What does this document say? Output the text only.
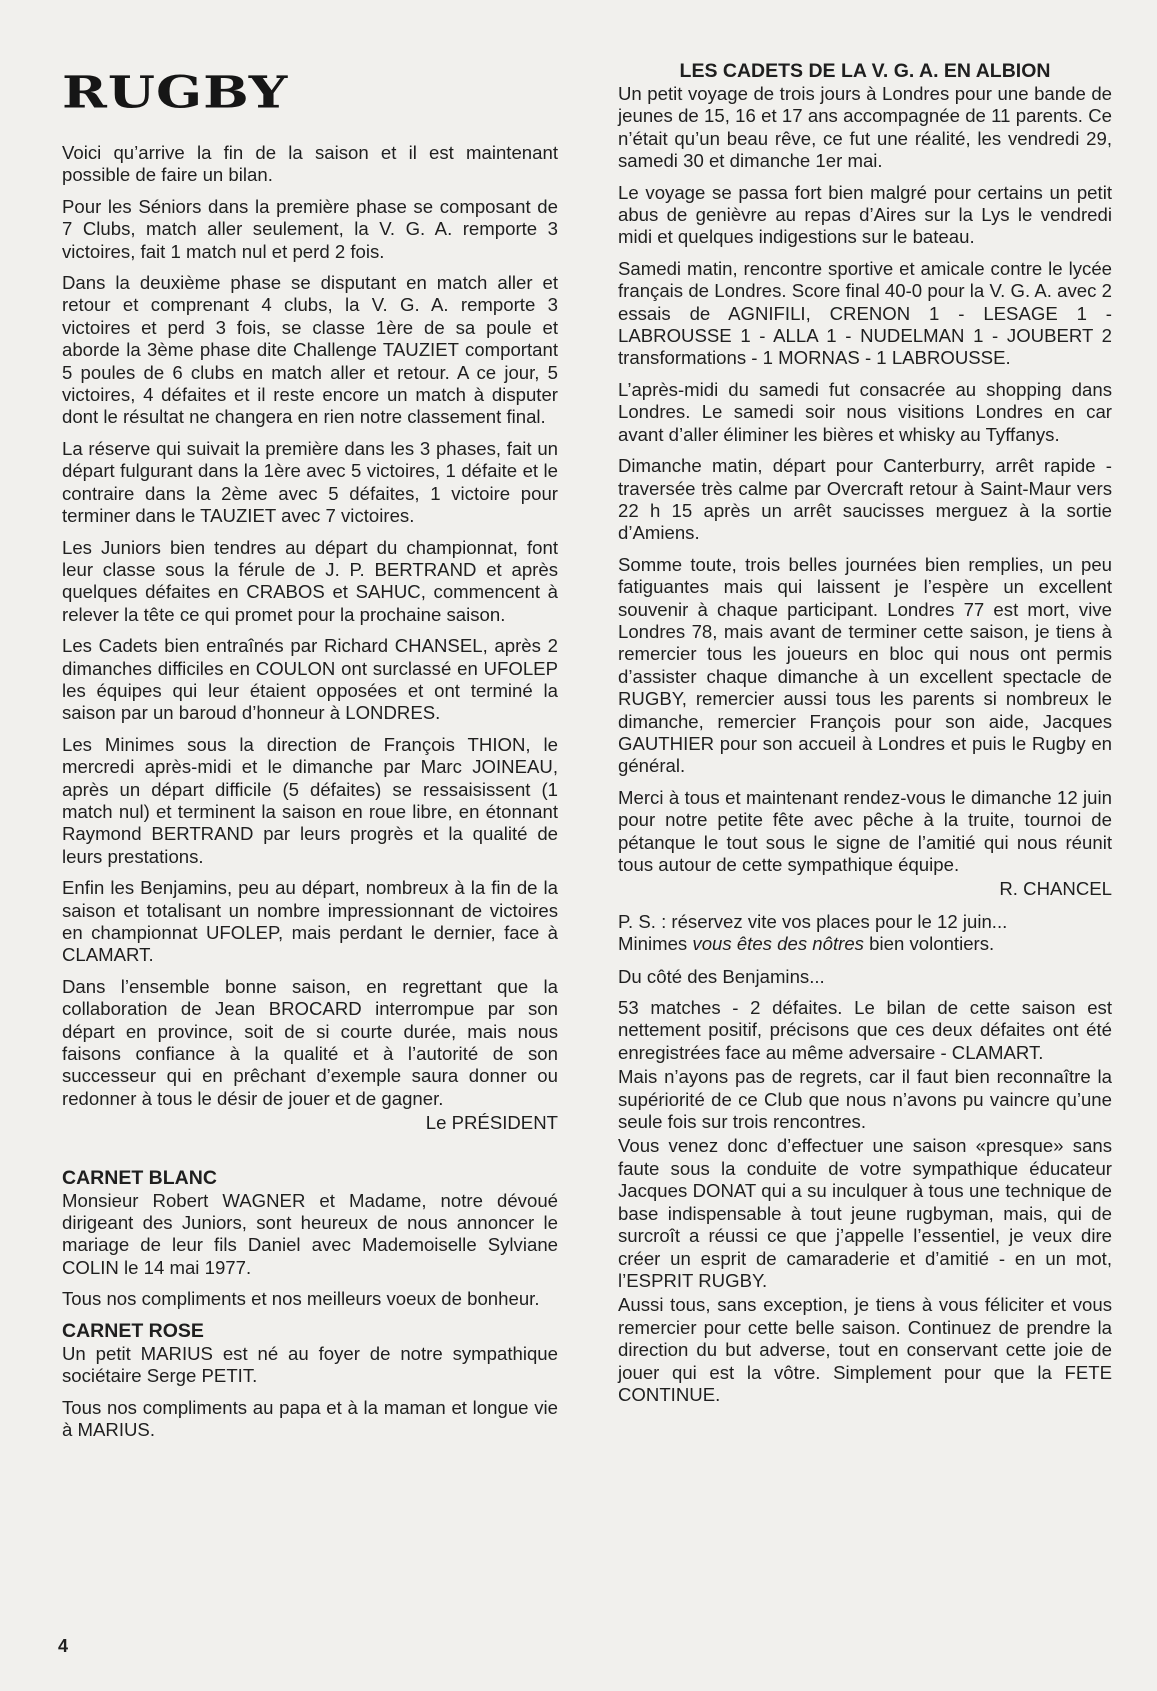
RUGBY

Voici qu’arrive la fin de la saison et il est maintenant possible de faire un bilan.

Pour les Séniors dans la première phase se composant de 7 Clubs, match aller seulement, la V. G. A. remporte 3 victoires, fait 1 match nul et perd 2 fois.

Dans la deuxième phase se disputant en match aller et retour et comprenant 4 clubs, la V. G. A. remporte 3 victoires et perd 3 fois, se classe 1ère de sa poule et aborde la 3ème phase dite Challenge TAUZIET comportant 5 poules de 6 clubs en match aller et retour. A ce jour, 5 victoires, 4 défaites et il reste encore un match à disputer dont le résultat ne changera en rien notre classement final.

La réserve qui suivait la première dans les 3 phases, fait un départ fulgurant dans la 1ère avec 5 victoires, 1 défaite et le contraire dans la 2ème avec 5 défaites, 1 victoire pour terminer dans le TAUZIET avec 7 victoires.

Les Juniors bien tendres au départ du championnat, font leur classe sous la férule de J. P. BERTRAND et après quelques défaites en CRABOS et SAHUC, commencent à relever la tête ce qui promet pour la prochaine saison.

Les Cadets bien entraînés par Richard CHANSEL, après 2 dimanches difficiles en COULON ont surclassé en UFOLEP les équipes qui leur étaient opposées et ont terminé la saison par un baroud d’honneur à LONDRES.

Les Minimes sous la direction de François THION, le mercredi après-midi et le dimanche par Marc JOINEAU, après un départ difficile (5 défaites) se ressaisissent (1 match nul) et terminent la saison en roue libre, en étonnant Raymond BERTRAND par leurs progrès et la qualité de leurs prestations.

Enfin les Benjamins, peu au départ, nombreux à la fin de la saison et totalisant un nombre impressionnant de victoires en championnat UFOLEP, mais perdant le dernier, face à CLAMART.

Dans l’ensemble bonne saison, en regrettant que la collaboration de Jean BROCARD interrompue par son départ en province, soit de si courte durée, mais nous faisons confiance à la qualité et à l’autorité de son successeur qui en prêchant d’exemple saura donner ou redonner à tous le désir de jouer et de gagner.

Le PRÉSIDENT
CARNET BLANC

Monsieur Robert WAGNER et Madame, notre dévoué dirigeant des Juniors, sont heureux de nous annoncer le mariage de leur fils Daniel avec Mademoiselle Sylviane COLIN le 14 mai 1977.

Tous nos compliments et nos meilleurs voeux de bonheur.

CARNET ROSE

Un petit MARIUS est né au foyer de notre sympathique sociétaire Serge PETIT.

Tous nos compliments au papa et à la maman et longue vie à MARIUS.

LES CADETS DE LA V. G. A. EN ALBION

Un petit voyage de trois jours à Londres pour une bande de jeunes de 15, 16 et 17 ans accompagnée de 11 parents. Ce n’était qu’un beau rêve, ce fut une réalité, les vendredi 29, samedi 30 et dimanche 1er mai.

Le voyage se passa fort bien malgré pour certains un petit abus de genièvre au repas d’Aires sur la Lys le vendredi midi et quelques indigestions sur le bateau.

Samedi matin, rencontre sportive et amicale contre le lycée français de Londres. Score final 40-0 pour la V. G. A. avec 2 essais de AGNIFILI, CRENON 1 - LESAGE 1 - LABROUSSE 1 - ALLA 1 - NUDELMAN 1 - JOUBERT 2 transformations - 1 MORNAS - 1 LABROUSSE.

L’après-midi du samedi fut consacrée au shopping dans Londres. Le samedi soir nous visitions Londres en car avant d’aller éliminer les bières et whisky au Tyffanys.

Dimanche matin, départ pour Canterburry, arrêt rapide - traversée très calme par Overcraft retour à Saint-Maur vers 22 h 15 après un arrêt saucisses merguez à la sortie d’Amiens.

Somme toute, trois belles journées bien remplies, un peu fatiguantes mais qui laissent je l’espère un excellent souvenir à chaque participant. Londres 77 est mort, vive Londres 78, mais avant de terminer cette saison, je tiens à remercier tous les joueurs en bloc qui nous ont permis d’assister chaque dimanche à un excellent spectacle de RUGBY, remercier aussi tous les parents si nombreux le dimanche, remercier François pour son aide, Jacques GAUTHIER pour son accueil à Londres et puis le Rugby en général.

Merci à tous et maintenant rendez-vous le dimanche 12 juin pour notre petite fête avec pêche à la truite, tournoi de pétanque le tout sous le signe de l’amitié qui nous réunit tous autour de cette sympathique équipe.

R. CHANCEL

P. S. : réservez vite vos places pour le 12 juin...
Minimes vous êtes des nôtres bien volontiers.

Du côté des Benjamins...

53 matches - 2 défaites. Le bilan de cette saison est nettement positif, précisons que ces deux défaites ont été enregistrées face au même adversaire - CLAMART.

Mais n’ayons pas de regrets, car il faut bien reconnaître la supériorité de ce Club que nous n’avons pu vaincre qu’une seule fois sur trois rencontres.

Vous venez donc d’effectuer une saison «presque» sans faute sous la conduite de votre sympathique éducateur Jacques DONAT qui a su inculquer à tous une technique de base indispensable à tout jeune rugbyman, mais, qui de surcroît a réussi ce que j’appelle l’essentiel, je veux dire créer un esprit de camaraderie et d’amitié - en un mot, l’ESPRIT RUGBY.

Aussi tous, sans exception, je tiens à vous féliciter et vous remercier pour cette belle saison. Continuez de prendre la direction du but adverse, tout en conservant cette joie de jouer qui est la vôtre. Simplement pour que la FETE CONTINUE.

4
